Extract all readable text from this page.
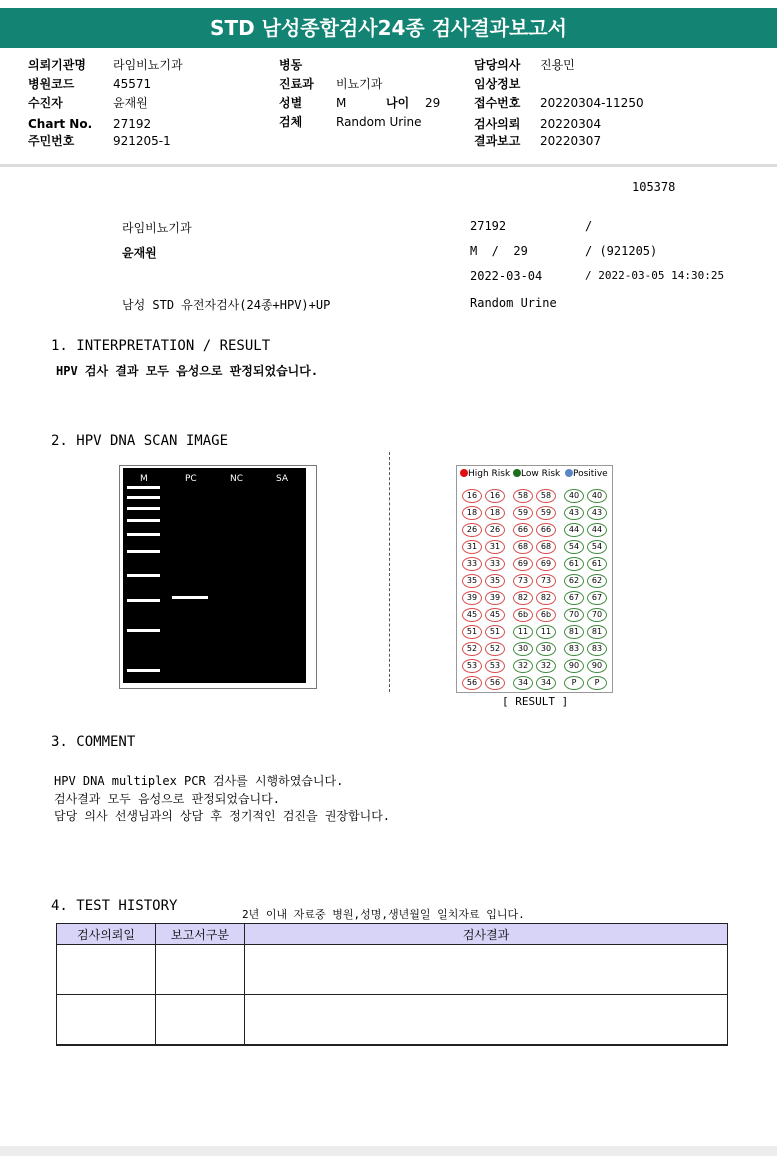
STD 남성종합검사24종 검사결과보고서
의뢰기관명 라임비뇨기과
병원코드	45571
수진자	윤재원
Chart No. 27192
주민번호	921205-1
병동
진료과 비뇨기과
성별	M	나이 29
검체	Random Urine
담당의사 진용민
임상정보
접수번호 20220304-11250
검사의뢰 20220304
결과보고 20220307
105378
라임비뇨기과	27192	/
윤재원	M  /  29	/ (921205)
2022-03-04	/ 2022-03-05 14:30:25
남성 STD 유전자검사(24종+HPV)+UP	Random Urine
1. INTERPRETATION / RESULT
HPV 검사 결과 모두 음성으로 판정되었습니다.
2. HPV DNA SCAN IMAGE
M	PC	NC	SA	High Risk	Low Risk	Positive
16	16	58	58	40	40
18	18	59	59	43	43
26	26	66	66	44	44
31	31	68	68	54	54
33	33	69	69	61	61
35	35	73	73	62	62
39	39	82	82	67	67
45	45	6b	6b	70	70
51	51	11	11	81	81
52	52	30	30	83	83
53	53	32	32	90	90
56	56	34	34	P	P
[ RESULT ]
3. COMMENT
HPV DNA multiplex PCR 검사를 시행하였습니다.
검사결과 모두 음성으로 판정되었습니다.
담당 의사 선생님과의 상담 후 정기적인 검진을 권장합니다.
4. TEST HISTORY
2년 이내 자료중 병원,성명,생년월일 일치자료 입니다.
검사의뢰일	보고서구분	검사결과
